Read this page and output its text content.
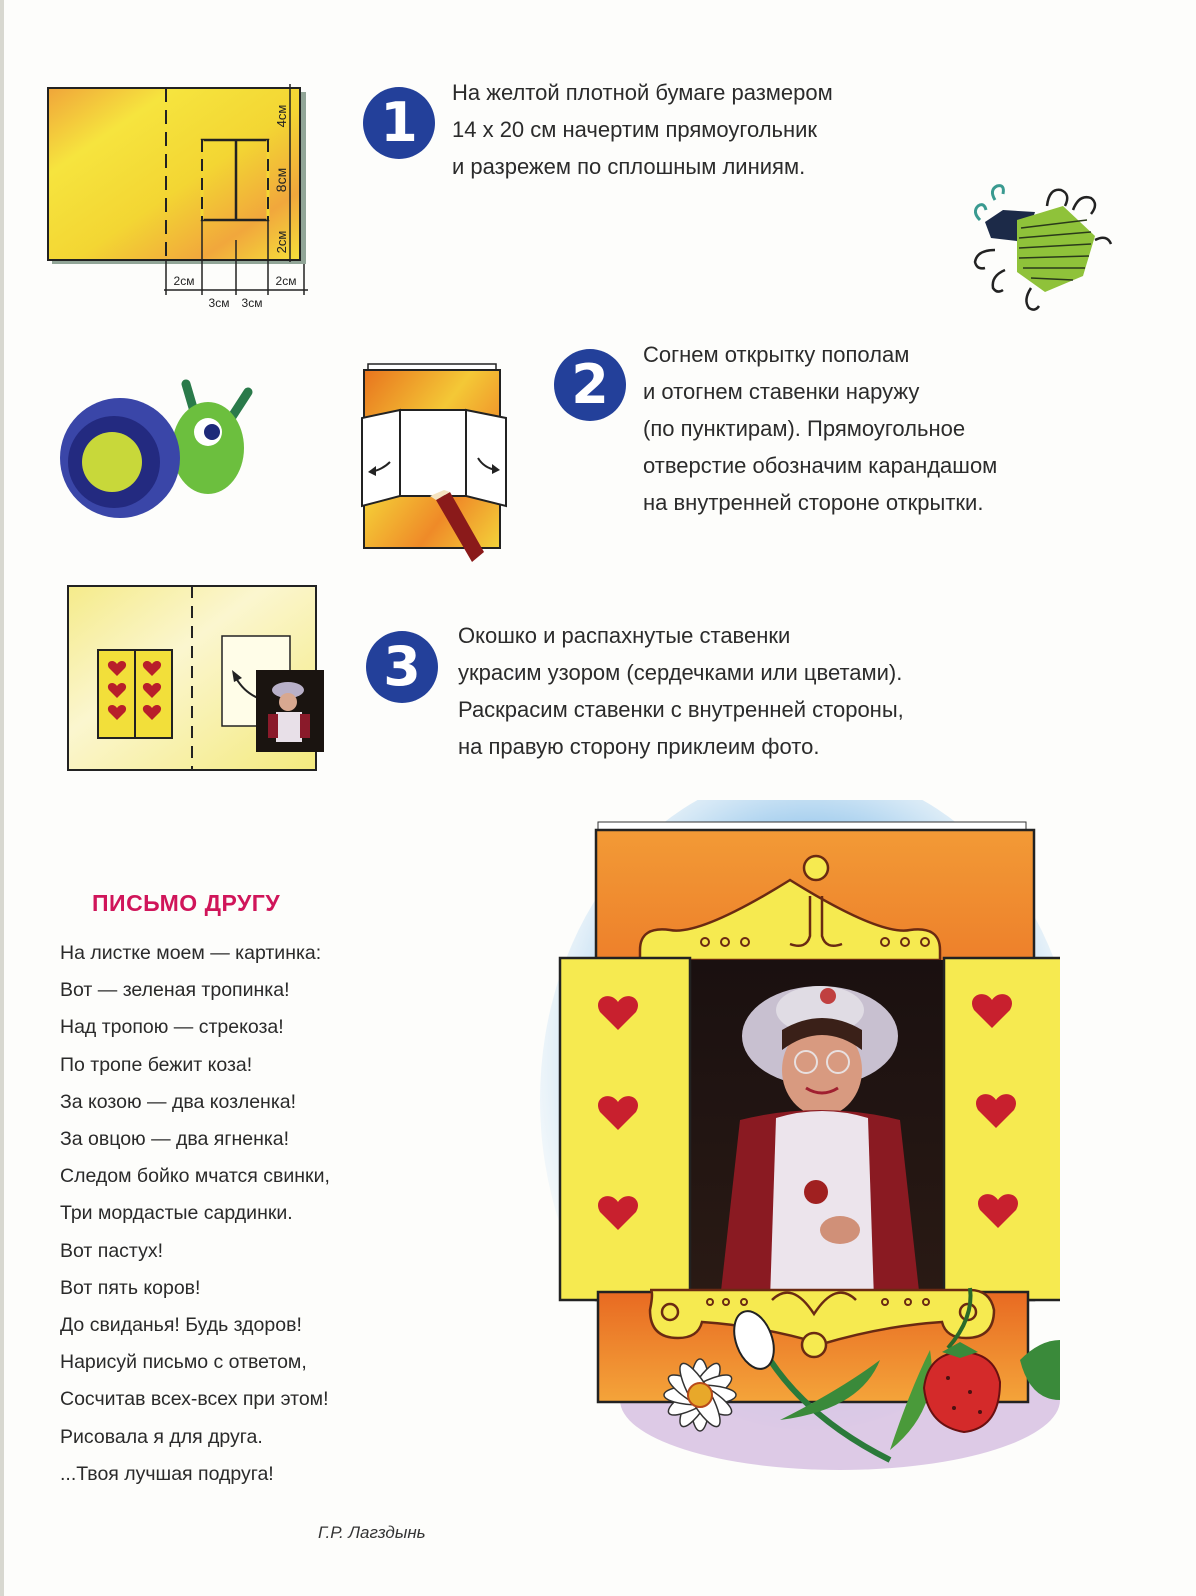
4см
8см
2см
2см	2см
3см 3см
1	На желтой плотной бумаге размером
14 х 20 см начертим прямоугольник
и разрежем по сплошным линиям.
2	Согнем открытку пополам
и отогнем ставенки наружу
(по пунктирам). Прямоугольное
отверстие обозначим карандашом
на внутренней стороне открытки.
3	Окошко и распахнутые ставенки
украсим узором (сердечками или цветами).
Раскрасим ставенки с внутренней стороны,
на правую сторону приклеим фото.
ПИСЬМО ДРУГУ
На листке моем — картинка:
Вот — зеленая тропинка!
Над тропою — стрекоза!
По тропе бежит коза!
За козою — два козленка!
За овцою — два ягненка!
Следом бойко мчатся свинки,
Три мордастые сардинки.
Вот пастух!
Вот пять коров!
До свиданья! Будь здоров!
Нарисуй письмо с ответом,
Сосчитав всех-всех при этом!
Рисовала я для друга.
...Твоя лучшая подруга!
Г.Р. Лагздынь
